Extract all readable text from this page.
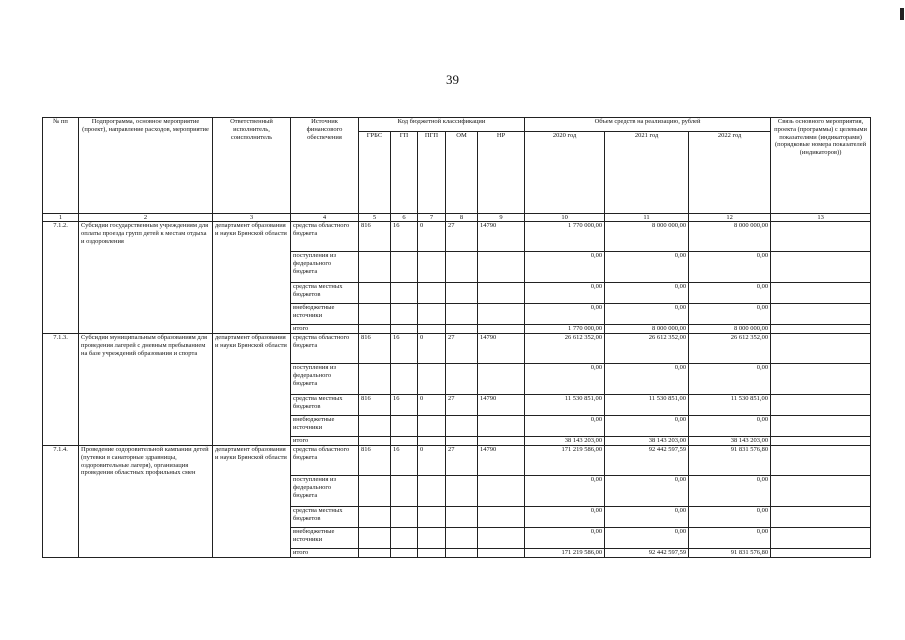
39
№ пп	Подпрограмма, основное мероприятие (проект), направление расходов, мероприятие	Ответственный исполнитель, соисполнитель	Источник финансового обеспечения	Код бюджетной классификации					Объем средств на реализацию, рублей			Связь основного мероприятия, проекта (программы) с целевыми показателями (индикаторами) (порядковые номера показателей (индикаторов))
				ГРБС	ГП	ПГП	ОМ	НР	2020 год	2021 год	2022 год	
1	2	3	4	5	6	7	8	9	10	11	12	13
7.1.2.	Субсидии государственным учреждениям для оплаты проезда групп детей к местам отдыха и оздоровления	департамент образования и науки Брянской области	средства областного бюджета	816	16	0	27	14790	1 770 000,00	8 000 000,00	8 000 000,00	
			поступления из федерального бюджета						0,00	0,00	0,00	
			средства местных бюджетов						0,00	0,00	0,00	
			внебюджетные источники						0,00	0,00	0,00	
			итого						1 770 000,00	8 000 000,00	8 000 000,00	
7.1.3.	Субсидии муниципальным образованиям для проведения лагерей с дневным пребыванием на базе учреждений образования и спорта	департамент образования и науки Брянской области	средства областного бюджета	816	16	0	27	14790	26 612 352,00	26 612 352,00	26 612 352,00	
			поступления из федерального бюджета						0,00	0,00	0,00	
			средства местных бюджетов	816	16	0	27	14790	11 530 851,00	11 530 851,00	11 530 851,00	
			внебюджетные источники						0,00	0,00	0,00	
			итого						38 143 203,00	38 143 203,00	38 143 203,00	
7.1.4.	Проведение оздоровительной кампании детей (путевки в санаторные здравницы, оздоровительные лагеря), организация проведения областных профильных смен	департамент образования и науки Брянской области	средства областного бюджета	816	16	0	27	14790	171 219 586,00	92 442 597,59	91 831 576,80	
			поступления из федерального бюджета						0,00	0,00	0,00	
			средства местных бюджетов						0,00	0,00	0,00	
			внебюджетные источники						0,00	0,00	0,00	
			итого						171 219 586,00	92 442 597,59	91 831 576,80	
